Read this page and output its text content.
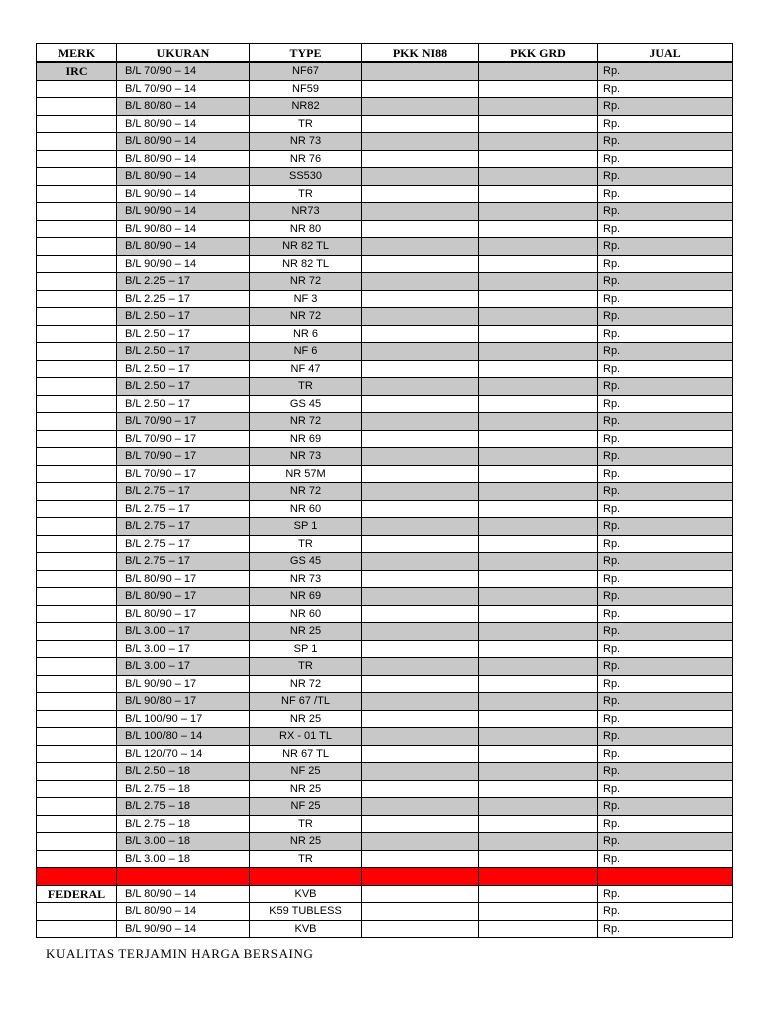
MERK	UKURAN	TYPE	PKK NI88	PKK GRD	JUAL
IRC	B/L 70/90 – 14	NF67			Rp.
	B/L 70/90 – 14	NF59			Rp.
	B/L 80/80 – 14	NR82			Rp.
	B/L 80/90 – 14	TR			Rp.
	B/L 80/90 – 14	NR 73			Rp.
	B/L 80/90 – 14	NR 76			Rp.
	B/L 80/90 – 14	SS530			Rp.
	B/L 90/90 – 14	TR			Rp.
	B/L 90/90 – 14	NR73			Rp.
	B/L 90/80 – 14	NR 80			Rp.
	B/L 80/90 – 14	NR 82 TL			Rp.
	B/L 90/90 – 14	NR 82 TL			Rp.
	B/L 2.25 – 17	NR 72			Rp.
	B/L 2.25 – 17	NF 3			Rp.
	B/L 2.50 – 17	NR 72			Rp.
	B/L 2.50 – 17	NR 6			Rp.
	B/L 2.50 – 17	NF 6			Rp.
	B/L 2.50 – 17	NF 47			Rp.
	B/L 2.50 – 17	TR			Rp.
	B/L 2.50 – 17	GS 45			Rp.
	B/L 70/90 – 17	NR 72			Rp.
	B/L 70/90 – 17	NR 69			Rp.
	B/L 70/90 – 17	NR 73			Rp.
	B/L 70/90 – 17	NR 57M			Rp.
	B/L 2.75 – 17	NR 72			Rp.
	B/L 2.75 – 17	NR 60			Rp.
	B/L 2.75 – 17	SP 1			Rp.
	B/L 2.75 – 17	TR			Rp.
	B/L 2.75 – 17	GS 45			Rp.
	B/L 80/90 – 17	NR 73			Rp.
	B/L 80/90 – 17	NR 69			Rp.
	B/L 80/90 – 17	NR 60			Rp.
	B/L 3.00 – 17	NR 25			Rp.
	B/L 3.00 – 17	SP 1			Rp.
	B/L 3.00 – 17	TR			Rp.
	B/L 90/90 – 17	NR 72			Rp.
	B/L 90/80 – 17	NF 67 /TL			Rp.
	B/L 100/90 – 17	NR 25			Rp.
	B/L 100/80 – 14	RX - 01 TL			Rp.
	B/L 120/70 – 14	NR 67 TL			Rp.
	B/L 2.50 – 18	NF 25			Rp.
	B/L 2.75 – 18	NR 25			Rp.
	B/L 2.75 – 18	NF 25			Rp.
	B/L 2.75 – 18	TR			Rp.
	B/L 3.00 – 18	NR 25			Rp.
	B/L 3.00 – 18	TR			Rp.

FEDERAL	B/L 80/90 – 14	KVB			Rp.
	B/L 80/90 – 14	K59 TUBLESS			Rp.
	B/L 90/90 – 14	KVB			Rp.
KUALITAS TERJAMIN HARGA BERSAING
